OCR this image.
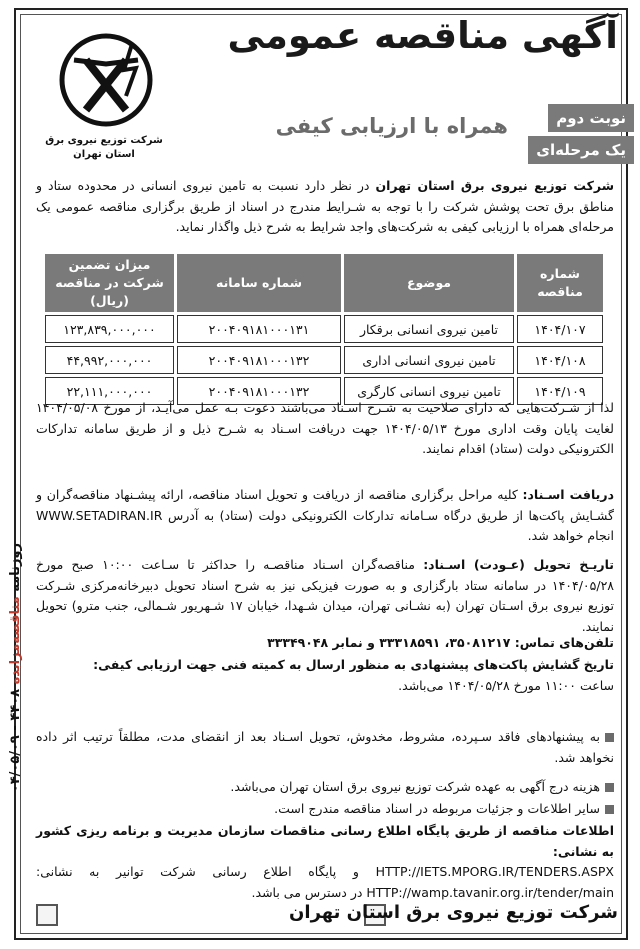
آگهی مناقصه عمومی
همراه با ارزیابی کیفی	نوبت دوم
یک مرحله‌ای
شرکت توزیع نیروی برق
استان تهران
شرکت توزیع نیروی برق استان تهران در نظر دارد نسبت به تامین نیروی انسانی در محدوده ستاد و مناطق برق تحت پوشش شرکت را با توجه به شـرایط مندرج در اسناد از طریق برگزاری مناقصه عمومی یک مرحله‌ای همراه با ارزیابی کیفی به شرکت‌های واجد شرایط به شرح ذیل واگذار نماید.
شماره مناقصه	موضوع	شماره سامانه	میزان تضمین شرکت در مناقصه (ریال)
۱۴۰۴/۱۰۷	تامین نیروی انسانی برقکار	۲۰۰۴۰۹۱۸۱۰۰۰۱۳۱	۱۲۳,۸۳۹,۰۰۰,۰۰۰
۱۴۰۴/۱۰۸	تامین نیروی انسانی اداری	۲۰۰۴۰۹۱۸۱۰۰۰۱۳۲	۴۴,۹۹۲,۰۰۰,۰۰۰
۱۴۰۴/۱۰۹	تامین نیروی انسانی کارگری	۲۰۰۴۰۹۱۸۱۰۰۰۱۳۲	۲۲,۱۱۱,۰۰۰,۰۰۰
لذا از شـرکت‌هایی که دارای صلاحیت به شـرح اسـناد می‌باشند دعوت بـه عمل می‌آیـد، از مورخ ۱۴۰۴/۰۵/۰۸ لغایت پایان وقت اداری مورخ ۱۴۰۴/۰۵/۱۳ جهت دریافت اسـناد به شـرح ذیل و از طریق سامانه تدارکات الکترونیکی دولت (ستاد) اقدام نمایند.
دریافت اسـناد: کلیه مراحل برگزاری مناقصه از دریافت و تحویل اسناد مناقصه، ارائه پیشـنهاد مناقصه‌گران و گشـایش پاکت‌ها از طریق درگاه سـامانه تدارکات الکترونیکی دولت (ستاد) به آدرس WWW.SETADIRAN.IR انجام خواهد شد.
تاریـخ تحویل (عـودت) اسـناد: مناقصه‌گران اسـناد مناقصـه را حداکثر تا سـاعت ۱۰:۰۰ صبح مورخ ۱۴۰۴/۰۵/۲۸ در سامانه ستاد بارگزاری و به صورت فیزیکی نیز به شرح اسناد تحویل دبیرخانه‌مرکزی شـرکت توزیع نیروی برق اسـتان تهران (به نشـانی تهران، میدان شـهدا، خیابان ۱۷ شـهریور شـمالی، جنب مترو) تحویل نمایند.
تلفن‌های تماس: ۳۵۰۸۱۲۱۷، ۳۳۳۱۸۵۹۱ و نمابر ۳۳۳۴۹۰۴۸
تاریخ گشایش پاکت‌های پیشنهادی به منظور ارسال به کمیته فنی جهت ارزیابی کیفی:
ساعت ۱۱:۰۰ مورخ ۱۴۰۴/۰۵/۲۸ می‌باشد.
به پیشنهادهای فاقد سـپرده، مشروط، مخدوش، تحویل اسـناد بعد از انقضای مدت، مطلقاً ترتیب اثر داده نخواهد شد.
هزینه درج آگهی به عهده شرکت توزیع نیروی برق استان تهران می‌باشد.
سایر اطلاعات و جزئیات مربوطه در اسناد مناقصه مندرج است.
اطلاعات مناقصه از طریق پایگاه اطلاع رسانی مناقصات سازمان مدیریت و برنامه ریزی کشور به نشانی:
HTTP://IETS.MPORG.IR/TENDERS.ASPX و پایگاه اطلاع رسانی شرکت توانیر به نشانی: HTTP://wamp.tavanir.org.ir/tender/main در دسترس می باشد.
شرکت توزیع نیروی برق استان تهران
روزنامه مناقصه‌مزایده ۴۴۰۸ - ۰۴/۰۵/۰۹
